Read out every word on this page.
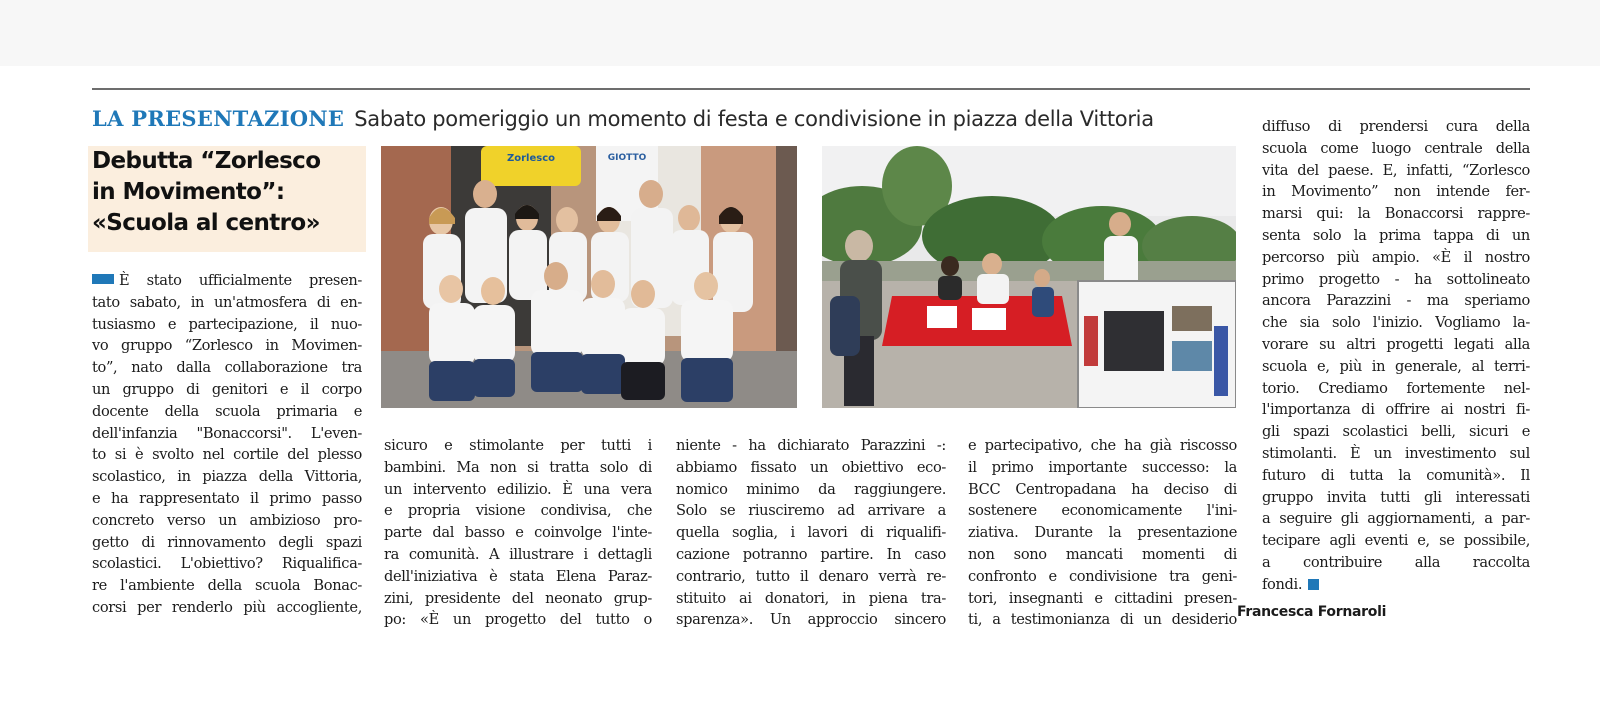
LA PRESENTAZIONE Sabato pomeriggio un momento di festa e condivisione in piazza della Vittoria
Debutta “Zorlesco
in Movimento”:
«Scuola al centro»
Zorlesco	GIOTTO
È stato ufficialmente presen-
tato sabato, in un'atmosfera di en-
tusiasmo e partecipazione, il nuo-
vo gruppo “Zorlesco in Movimen-
to”, nato dalla collaborazione tra
un gruppo di genitori e il corpo
docente della scuola primaria e
dell'infanzia "Bonaccorsi". L'even-
to si è svolto nel cortile del plesso
scolastico, in piazza della Vittoria,
e ha rappresentato il primo passo
concreto verso un ambizioso pro-
getto di rinnovamento degli spazi
scolastici. L'obiettivo? Riqualifica-
re l'ambiente della scuola Bonac-
corsi per renderlo più accogliente,
sicuro e stimolante per tutti i
bambini. Ma non si tratta solo di
un intervento edilizio. È una vera
e propria visione condivisa, che
parte dal basso e coinvolge l'inte-
ra comunità. A illustrare i dettagli
dell'iniziativa è stata Elena Paraz-
zini, presidente del neonato grup-
po: «È un progetto del tutto o
niente - ha dichiarato Parazzini -:
abbiamo fissato un obiettivo eco-
nomico minimo da raggiungere.
Solo se riusciremo ad arrivare a
quella soglia, i lavori di riqualifi-
cazione potranno partire. In caso
contrario, tutto il denaro verrà re-
stituito ai donatori, in piena tra-
sparenza». Un approccio sincero
e partecipativo, che ha già riscosso
il primo importante successo: la
BCC Centropadana ha deciso di
sostenere economicamente l'ini-
ziativa. Durante la presentazione
non sono mancati momenti di
confronto e condivisione tra geni-
tori, insegnanti e cittadini presen-
ti, a testimonianza di un desiderio
diffuso di prendersi cura della
scuola come luogo centrale della
vita del paese. E, infatti, “Zorlesco
in Movimento” non intende fer-
marsi qui: la Bonaccorsi rappre-
senta solo la prima tappa di un
percorso più ampio. «È il nostro
primo progetto - ha sottolineato
ancora Parazzini - ma speriamo
che sia solo l'inizio. Vogliamo la-
vorare su altri progetti legati alla
scuola e, più in generale, al terri-
torio. Crediamo fortemente nel-
l'importanza di offrire ai nostri fi-
gli spazi scolastici belli, sicuri e
stimolanti. È un investimento sul
futuro di tutta la comunità». Il
gruppo invita tutti gli interessati
a seguire gli aggiornamenti, a par-
tecipare agli eventi e, se possibile,
a contribuire alla raccolta
fondi.
Francesca Fornaroli
